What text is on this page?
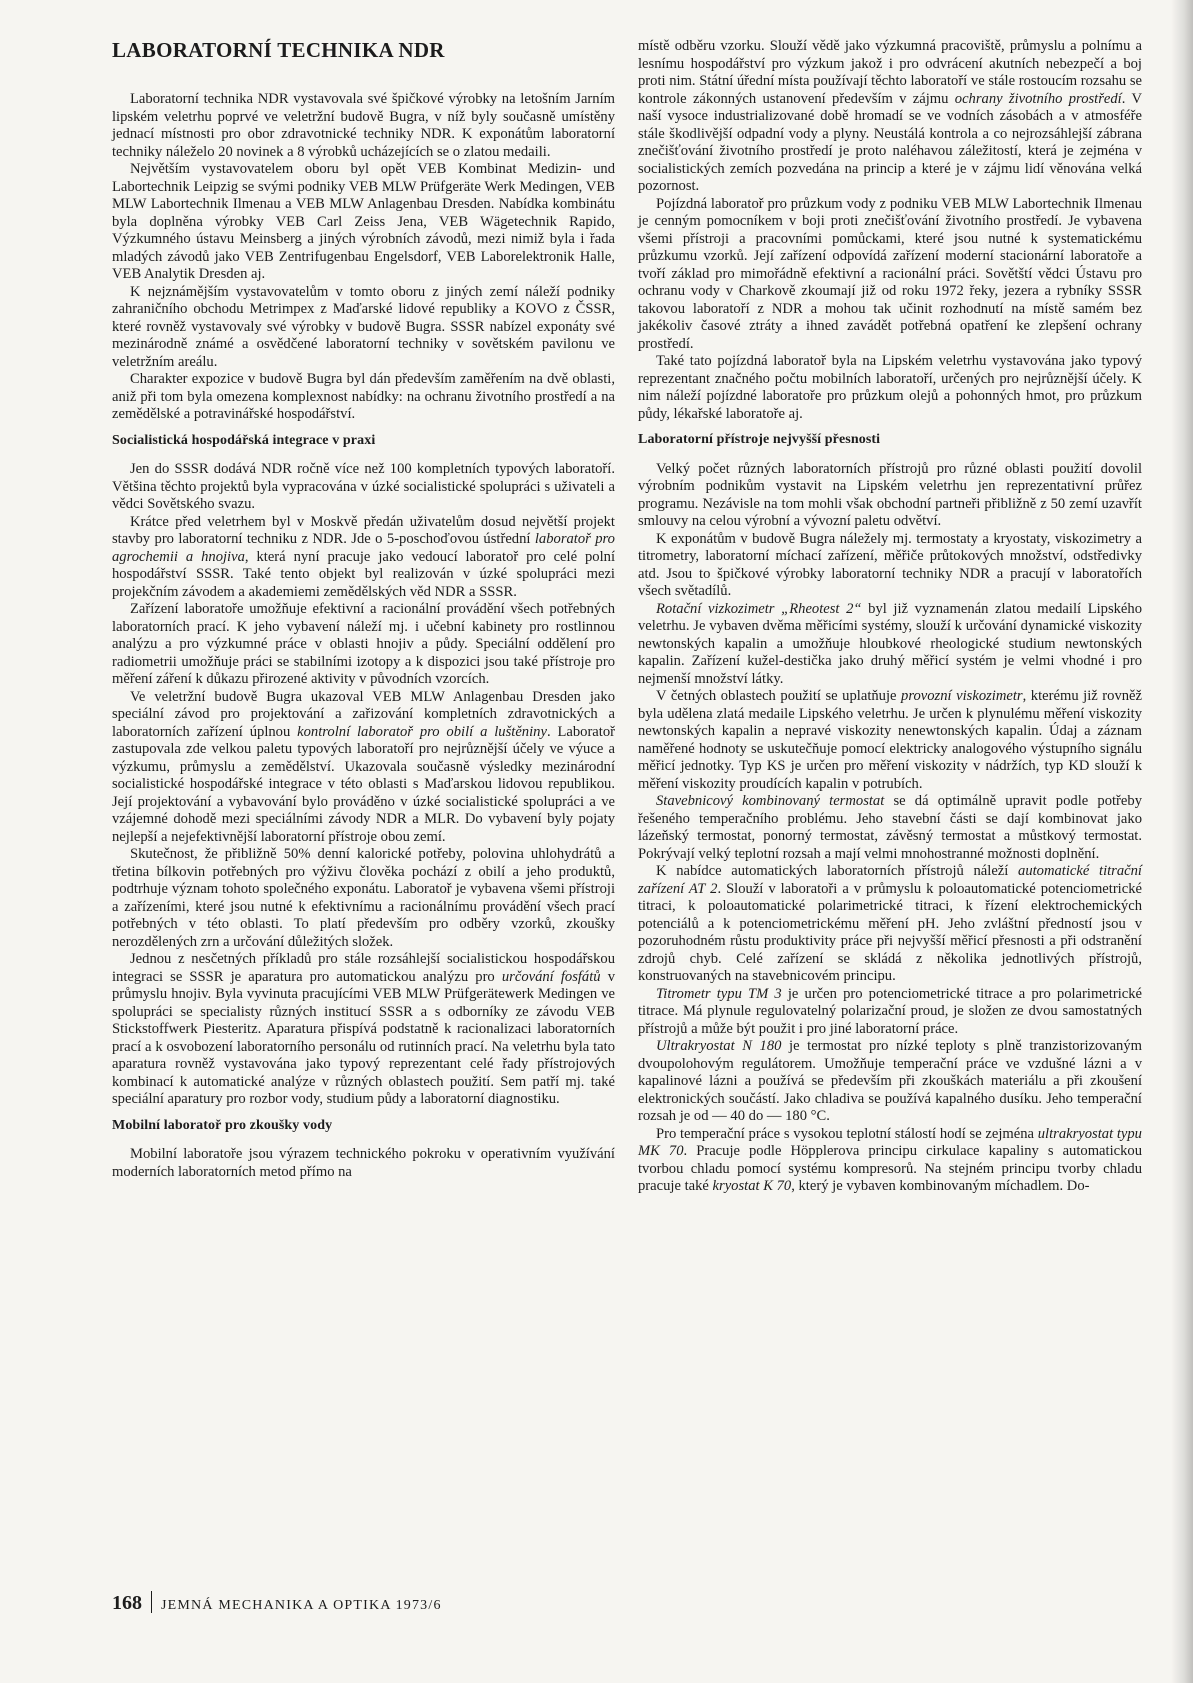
LABORATORNÍ TECHNIKA NDR

Laboratorní technika NDR vystavovala své špičkové výrobky na letošním Jarním lipském veletrhu poprvé ve veletržní budově Bugra, v níž byly současně umístěny jednací místnosti pro obor zdravotnické techniky NDR. K exponátům laboratorní techniky náleželo 20 novinek a 8 výrobků ucházejících se o zlatou medaili.

Největším vystavovatelem oboru byl opět VEB Kombinat Medizin- und Labortechnik Leipzig se svými podniky VEB MLW Prüfgeräte Werk Medingen, VEB MLW Labortechnik Ilmenau a VEB MLW Anlagenbau Dresden. Nabídka kombinátu byla doplněna výrobky VEB Carl Zeiss Jena, VEB Wägetechnik Rapido, Výzkumného ústavu Meinsberg a jiných výrobních závodů, mezi nimiž byla i řada mladých závodů jako VEB Zentrifugenbau Engelsdorf, VEB Laborelektronik Halle, VEB Analytik Dresden aj.

K nejznámějším vystavovatelům v tomto oboru z jiných zemí náleží podniky zahraničního obchodu Metrimpex z Maďarské lidové republiky a KOVO z ČSSR, které rovněž vystavovaly své výrobky v budově Bugra. SSSR nabízel exponáty své mezinárodně známé a osvědčené laboratorní techniky v sovětském pavilonu ve veletržním areálu.

Charakter expozice v budově Bugra byl dán především zaměřením na dvě oblasti, aniž při tom byla omezena komplexnost nabídky: na ochranu životního prostředí a na zemědělské a potravinářské hospodářství.

Socialistická hospodářská integrace v praxi

Jen do SSSR dodává NDR ročně více než 100 kompletních typových laboratoří. Většina těchto projektů byla vypracována v úzké socialistické spolupráci s uživateli a vědci Sovětského svazu.

Krátce před veletrhem byl v Moskvě předán uživatelům dosud největší projekt stavby pro laboratorní techniku z NDR. Jde o 5-poschoďovou ústřední laboratoř pro agrochemii a hnojiva, která nyní pracuje jako vedoucí laboratoř pro celé polní hospodářství SSSR. Také tento objekt byl realizován v úzké spolupráci mezi projekčním závodem a akademiemi zemědělských věd NDR a SSSR.

Zařízení laboratoře umožňuje efektivní a racionální provádění všech potřebných laboratorních prací. K jeho vybavení náleží mj. i učební kabinety pro rostlinnou analýzu a pro výzkumné práce v oblasti hnojiv a půdy. Speciální oddělení pro radiometrii umožňuje práci se stabilními izotopy a k dispozici jsou také přístroje pro měření záření k důkazu přirozené aktivity v původních vzorcích.

Ve veletržní budově Bugra ukazoval VEB MLW Anlagenbau Dresden jako speciální závod pro projektování a zařizování kompletních zdravotnických a laboratorních zařízení úplnou kontrolní laboratoř pro obilí a luštěniny. Laboratoř zastupovala zde velkou paletu typových laboratoří pro nejrůznější účely ve výuce a výzkumu, průmyslu a zemědělství. Ukazovala současně výsledky mezinárodní socialistické hospodářské integrace v této oblasti s Maďarskou lidovou republikou. Její projektování a vybavování bylo prováděno v úzké socialistické spolupráci a ve vzájemné dohodě mezi speciálními závody NDR a MLR. Do vybavení byly pojaty nejlepší a nejefektivnější laboratorní přístroje obou zemí.

Skutečnost, že přibližně 50% denní kalorické potřeby, polovina uhlohydrátů a třetina bílkovin potřebných pro výživu člověka pochází z obilí a jeho produktů, podtrhuje význam tohoto společného exponátu. Laboratoř je vybavena všemi přístroji a zařízeními, které jsou nutné k efektivnímu a racionálnímu provádění všech prací potřebných v této oblasti. To platí především pro odběry vzorků, zkoušky nerozdělených zrn a určování důležitých složek.

Jednou z nesčetných příkladů pro stále rozsáhlejší socialistickou hospodářskou integraci se SSSR je aparatura pro automatickou analýzu pro určování fosfátů v průmyslu hnojiv. Byla vyvinuta pracujícími VEB MLW Prüfgerätewerk Medingen ve spolupráci se specialisty různých institucí SSSR a s odborníky ze závodu VEB Stickstoffwerk Piesteritz. Aparatura přispívá podstatně k racionalizaci laboratorních prací a k osvobození laboratorního personálu od rutinních prací. Na veletrhu byla tato aparatura rovněž vystavována jako typový reprezentant celé řady přístrojových kombinací k automatické analýze v různých oblastech použití. Sem patří mj. také speciální aparatury pro rozbor vody, studium půdy a laboratorní diagnostiku.

Mobilní laboratoř pro zkoušky vody

Mobilní laboratoře jsou výrazem technického pokroku v operativním využívání moderních laboratorních metod přímo na

místě odběru vzorku. Slouží vědě jako výzkumná pracoviště, průmyslu a polnímu a lesnímu hospodářství pro výzkum jakož i pro odvrácení akutních nebezpečí a boj proti nim. Státní úřední místa používají těchto laboratoří ve stále rostoucím rozsahu se kontrole zákonných ustanovení především v zájmu ochrany životního prostředí. V naší vysoce industrializované době hromadí se ve vodních zásobách a v atmosféře stále škodlivější odpadní vody a plyny. Neustálá kontrola a co nejrozsáhlejší zábrana znečišťování životního prostředí je proto naléhavou záležitostí, která je zejména v socialistických zemích pozvedána na princip a které je v zájmu lidí věnována velká pozornost.

Pojízdná laboratoř pro průzkum vody z podniku VEB MLW Labortechnik Ilmenau je cenným pomocníkem v boji proti znečišťování životního prostředí. Je vybavena všemi přístroji a pracovními pomůckami, které jsou nutné k systematickému průzkumu vzorků. Její zařízení odpovídá zařízení moderní stacionární laboratoře a tvoří základ pro mimořádně efektivní a racionální práci. Sovětští vědci Ústavu pro ochranu vody v Charkově zkoumají již od roku 1972 řeky, jezera a rybníky SSSR takovou laboratoří z NDR a mohou tak učinit rozhodnutí na místě samém bez jakékoliv časové ztráty a ihned zavádět potřebná opatření ke zlepšení ochrany prostředí.

Také tato pojízdná laboratoř byla na Lipském veletrhu vystavována jako typový reprezentant značného počtu mobilních laboratoří, určených pro nejrůznější účely. K nim náleží pojízdné laboratoře pro průzkum olejů a pohonných hmot, pro průzkum půdy, lékařské laboratoře aj.

Laboratorní přístroje nejvyšší přesnosti

Velký počet různých laboratorních přístrojů pro různé oblasti použití dovolil výrobním podnikům vystavit na Lipském veletrhu jen reprezentativní průřez programu. Nezávisle na tom mohli však obchodní partneři přibližně z 50 zemí uzavřít smlouvy na celou výrobní a vývozní paletu odvětví.

K exponátům v budově Bugra náležely mj. termostaty a kryostaty, viskozimetry a titrometry, laboratorní míchací zařízení, měřiče průtokových množství, odstředivky atd. Jsou to špičkové výrobky laboratorní techniky NDR a pracují v laboratořích všech světadílů.

Rotační vizkozimetr „Rheotest 2“ byl již vyznamenán zlatou medailí Lipského veletrhu. Je vybaven dvěma měřicími systémy, slouží k určování dynamické viskozity newtonských kapalin a umožňuje hloubkové rheologické studium newtonských kapalin. Zařízení kužel-destička jako druhý měřicí systém je velmi vhodné i pro nejmenší množství látky.

V četných oblastech použití se uplatňuje provozní viskozimetr, kterému již rovněž byla udělena zlatá medaile Lipského veletrhu. Je určen k plynulému měření viskozity newtonských kapalin a nepravé viskozity nenewtonských kapalin. Údaj a záznam naměřené hodnoty se uskutečňuje pomocí elektricky analogového výstupního signálu měřicí jednotky. Typ KS je určen pro měření viskozity v nádržích, typ KD slouží k měření viskozity proudících kapalin v potrubích.

Stavebnicový kombinovaný termostat se dá optimálně upravit podle potřeby řešeného temperačního problému. Jeho stavební části se dají kombinovat jako lázeňský termostat, ponorný termostat, závěsný termostat a můstkový termostat. Pokrývají velký teplotní rozsah a mají velmi mnohostranné možnosti doplnění.

K nabídce automatických laboratorních přístrojů náleží automatické titrační zařízení AT 2. Slouží v laboratoři a v průmyslu k poloautomatické potenciometrické titraci, k poloautomatické polarimetrické titraci, k řízení elektrochemických potenciálů a k potenciometrickému měření pH. Jeho zvláštní předností jsou v pozoruhodném růstu produktivity práce při nejvyšší měřicí přesnosti a při odstranění zdrojů chyb. Celé zařízení se skládá z několika jednotlivých přístrojů, konstruovaných na stavebnicovém principu.

Titrometr typu TM 3 je určen pro potenciometrické titrace a pro polarimetrické titrace. Má plynule regulovatelný polarizační proud, je složen ze dvou samostatných přístrojů a může být použit i pro jiné laboratorní práce.

Ultrakryostat N 180 je termostat pro nízké teploty s plně tranzistorizovaným dvoupolohovým regulátorem. Umožňuje temperační práce ve vzdušné lázni a v kapalinové lázni a používá se především při zkouškách materiálu a při zkoušení elektronických součástí. Jako chladiva se používá kapalného dusíku. Jeho temperační rozsah je od — 40 do — 180 °C.

Pro temperační práce s vysokou teplotní stálostí hodí se zejména ultrakryostat typu MK 70. Pracuje podle Höpplerova principu cirkulace kapaliny s automatickou tvorbou chladu pomocí systému kompresorů. Na stejném principu tvorby chladu pracuje také kryostat K 70, který je vybaven kombinovaným míchadlem. Do-

168 JEMNÁ MECHANIKA A OPTIKA 1973/6
